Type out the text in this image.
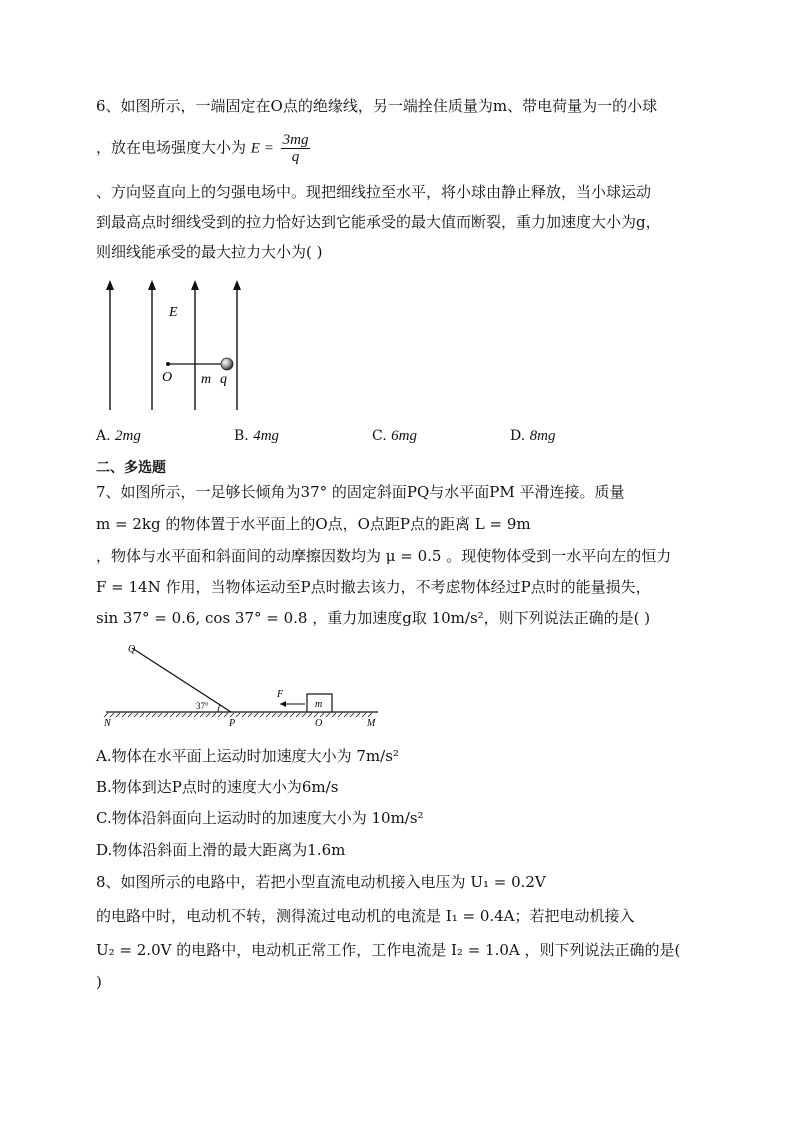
6、如图所示，一端固定在O点的绝缘线，另一端拴住质量为m、带电荷量为一的小球
，放在电场强度大小为 $E = \frac{3mg}{q}$
、方向竖直向上的匀强电场中。现把细线拉至水平，将小球由静止释放，当小球运动
到最高点时细线受到的拉力恰好达到它能承受的最大值而断裂，重力加速度大小为g，
则细线能承受的最大拉力大小为( )
E
O m q
A. 2mg	B. 4mg	C. 6mg	D. 8mg
二、多选题
7、如图所示，一足够长倾角为37° 的固定斜面PQ与水平面PM 平滑连接。质量
m = 2kg 的物体置于水平面上的O点，O点距P点的距离 L = 9m
，物体与水平面和斜面间的动摩擦因数均为 μ = 0.5 。现使物体受到一水平向左的恒力
F = 14N 作用，当物体运动至P点时撤去该力，不考虑物体经过P点时的能量损失，
sin 37° = 0.6, cos 37° = 0.8 ，重力加速度g取 10m/s²，则下列说法正确的是( )
Q
F
m
37°
N	P	O	M
A.物体在水平面上运动时加速度大小为 7m/s²
B.物体到达P点时的速度大小为6m/s
C.物体沿斜面向上运动时的加速度大小为 10m/s²
D.物体沿斜面上滑的最大距离为1.6m
8、如图所示的电路中，若把小型直流电动机接入电压为 U₁ = 0.2V
的电路中时，电动机不转，测得流过电动机的电流是 I₁ = 0.4A；若把电动机接入
U₂ = 2.0V 的电路中，电动机正常工作，工作电流是 I₂ = 1.0A ，则下列说法正确的是(
)
